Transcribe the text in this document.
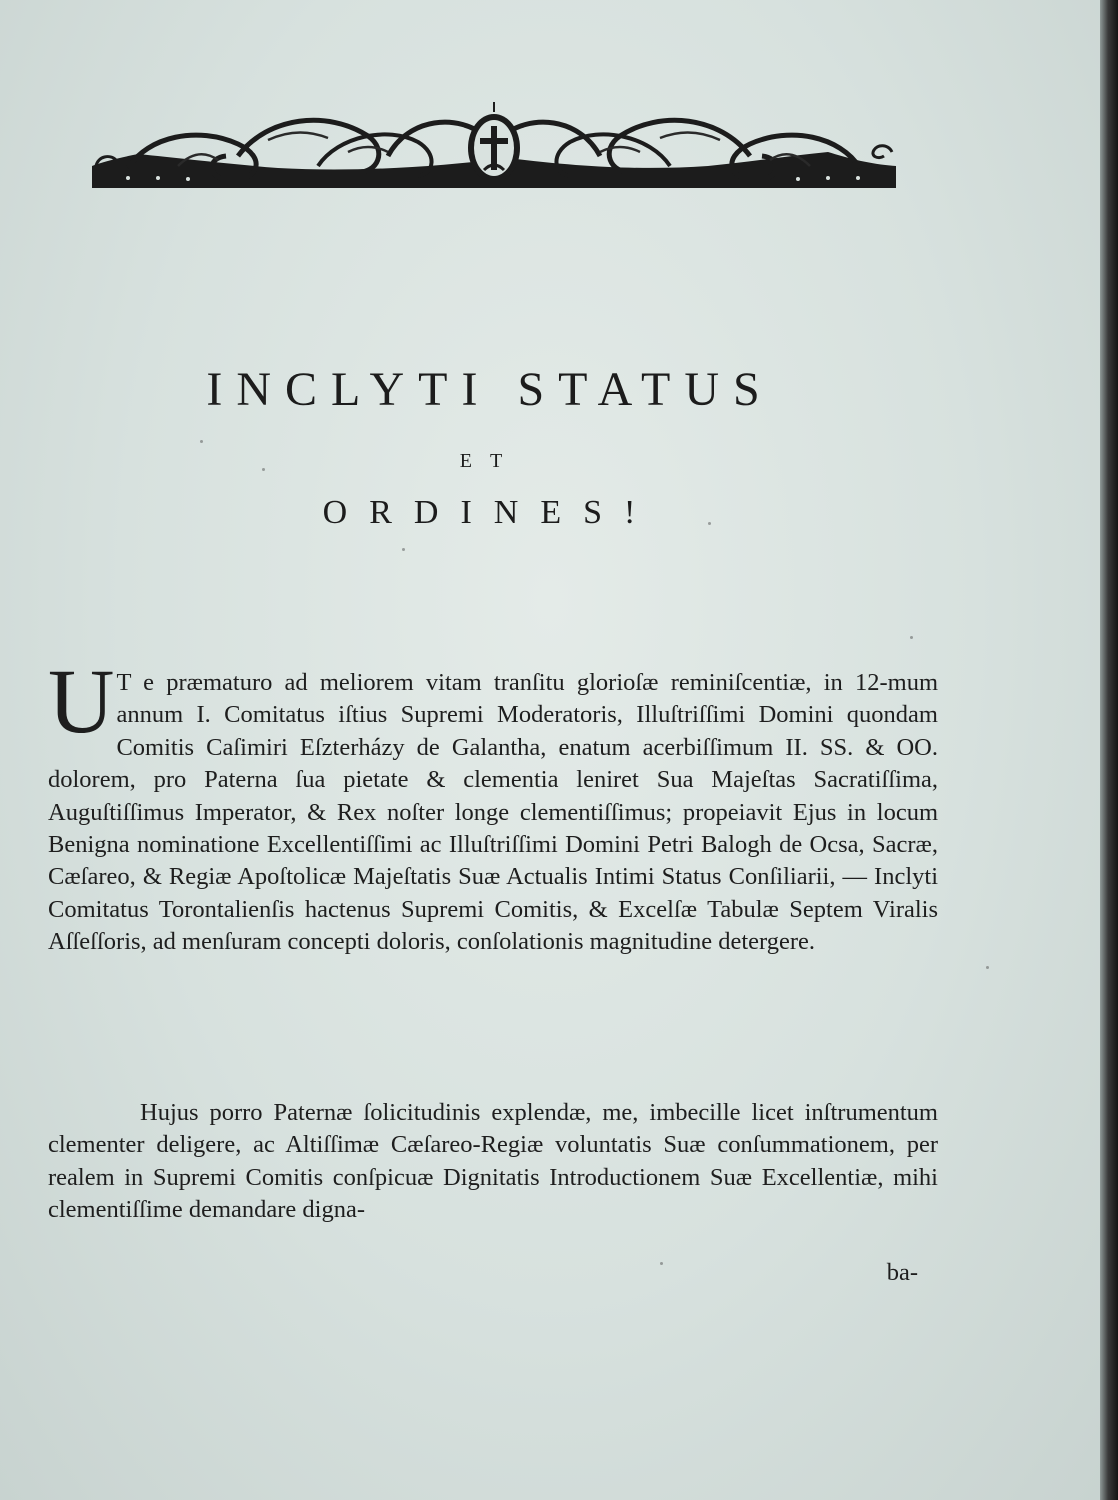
INCLYTI STATUS
ET
ORDINES!
U T e præmaturo ad meliorem vitam tranſitu glorioſæ reminiſcentiæ, in 12-mum annum I. Comitatus iſtius Supremi Moderatoris, Illuſtriſſimi Domini quondam Comitis Caſimiri Eſzterházy de Galantha, enatum acerbiſſimum II. SS. & OO. dolorem, pro Paterna ſua pietate & clementia leniret Sua Majeſtas Sacratiſſima, Auguſtiſſimus Imperator, & Rex noſter longe clementiſſimus; propeiavit Ejus in locum Benigna nominatione Excellentiſſimi ac Illuſtriſſimi Domini Petri Balogh de Ocsa, Sacræ, Cæſareo, & Regiæ Apoſtolicæ Majeſtatis Suæ Actualis Intimi Status Conſiliarii, — Inclyti Comitatus Torontalienſis hactenus Supremi Comitis, & Excelſæ Tabulæ Septem Viralis Aſſeſſoris, ad menſuram concepti doloris, conſolationis magnitudine detergere.
Hujus porro Paternæ ſolicitudinis explendæ, me, imbecille licet inſtrumentum clementer deligere, ac Altiſſimæ Cæſareo-Regiæ voluntatis Suæ conſummationem, per realem in Supremi Comitis conſpicuæ Dignitatis Introductionem Suæ Excellentiæ, mihi clementiſſime demandare digna-
ba-
